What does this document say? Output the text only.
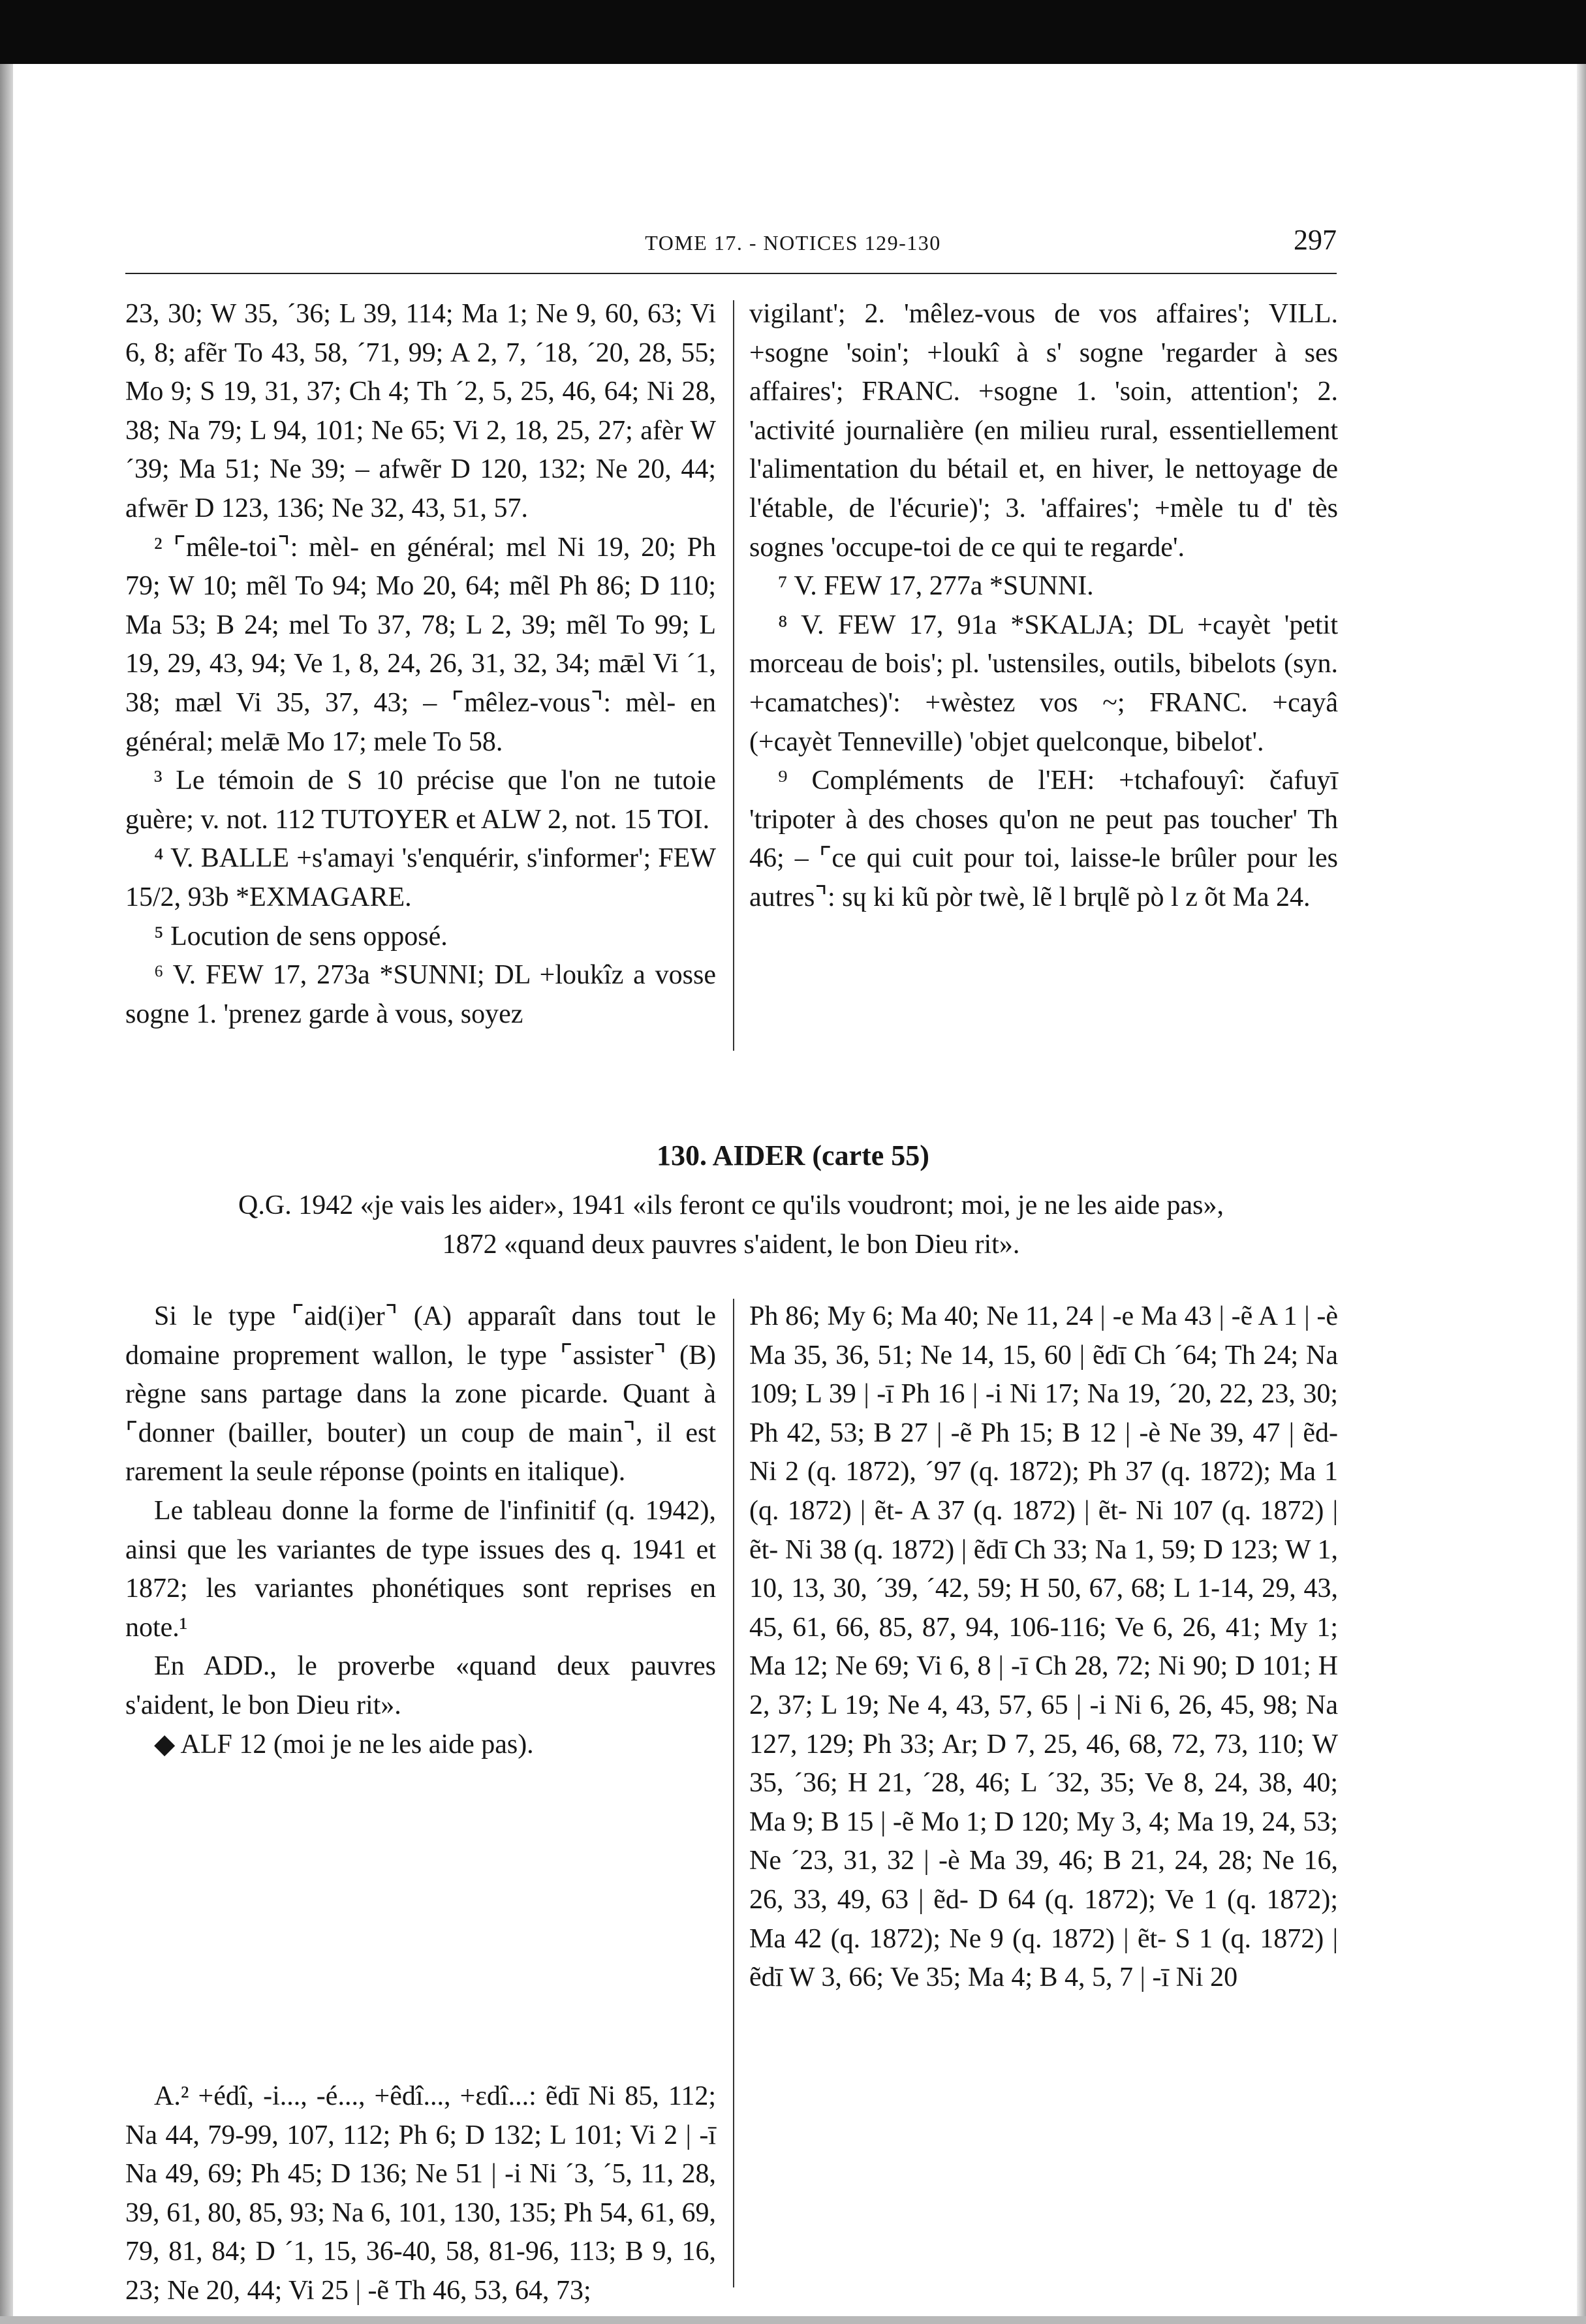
TOME 17. - NOTICES 129-130	297

23, 30; W 35, ´36; L 39, 114; Ma 1; Ne 9, 60, 63; Vi 6, 8; afẽr To 43, 58, ´71, 99; A 2, 7, ´18, ´20, 28, 55; Mo 9; S 19, 31, 37; Ch 4; Th ´2, 5, 25, 46, 64; Ni 28, 38; Na 79; L 94, 101; Ne 65; Vi 2, 18, 25, 27; afèr W ´39; Ma 51; Ne 39; – afwẽr D 120, 132; Ne 20, 44; afwēr D 123, 136; Ne 32, 43, 51, 57.

² ⌜mêle-toi⌝: mèl- en général; mɛl Ni 19, 20; Ph 79; W 10; mẽl To 94; Mo 20, 64; mẽl Ph 86; D 110; Ma 53; B 24; mel To 37, 78; L 2, 39; mẽl To 99; L 19, 29, 43, 94; Ve 1, 8, 24, 26, 31, 32, 34; mǣl Vi ´1, 38; mæl Vi 35, 37, 43; – ⌜mêlez-vous⌝: mèl- en général; melǣ Mo 17; mele To 58.

³ Le témoin de S 10 précise que l'on ne tutoie guère; v. not. 112 TUTOYER et ALW 2, not. 15 TOI.

⁴ V. BALLE +s'amayi 's'enquérir, s'informer'; FEW 15/2, 93b *EXMAGARE.

⁵ Locution de sens opposé.

⁶ V. FEW 17, 273a *SUNNI; DL +loukîz a vosse sogne 1. 'prenez garde à vous, soyez

vigilant'; 2. 'mêlez-vous de vos affaires'; VILL. +sogne 'soin'; +loukî à s' sogne 'regarder à ses affaires'; FRANC. +sogne 1. 'soin, attention'; 2. 'activité journalière (en milieu rural, essentiellement l'alimentation du bétail et, en hiver, le nettoyage de l'étable, de l'écurie)'; 3. 'affaires'; +mèle tu d' tès sognes 'occupe-toi de ce qui te regarde'.

⁷ V. FEW 17, 277a *SUNNI.

⁸ V. FEW 17, 91a *SKALJA; DL +cayèt 'petit morceau de bois'; pl. 'ustensiles, outils, bibelots (syn. +camatches)': +wèstez vos ~; FRANC. +cayâ (+cayèt Tenneville) 'objet quelconque, bibelot'.

⁹ Compléments de l'EH: +tchafouyî: čafuyī 'tripoter à des choses qu'on ne peut pas toucher' Th 46; – ⌜ce qui cuit pour toi, laisse-le brûler pour les autres⌝: sɥ ki kũ pòr twè, lẽ l brɥlẽ pò l z õt Ma 24.

130. AIDER (carte 55)
Q.G. 1942 «je vais les aider», 1941 «ils feront ce qu'ils voudront; moi, je ne les aide pas»,
1872 «quand deux pauvres s'aident, le bon Dieu rit».

Si le type ⌜aid(i)er⌝ (A) apparaît dans tout le domaine proprement wallon, le type ⌜assister⌝ (B) règne sans partage dans la zone picarde. Quant à ⌜donner (bailler, bouter) un coup de main⌝, il est rarement la seule réponse (points en italique).

Le tableau donne la forme de l'infinitif (q. 1942), ainsi que les variantes de type issues des q. 1941 et 1872; les variantes phonétiques sont reprises en note.¹

En ADD., le proverbe «quand deux pauvres s'aident, le bon Dieu rit».

◆ ALF 12 (moi je ne les aide pas).

A.² +édî, -i..., -é..., +êdî..., +ɛdî...: ẽdī Ni 85, 112; Na 44, 79-99, 107, 112; Ph 6; D 132; L 101; Vi 2 | -ī Na 49, 69; Ph 45; D 136; Ne 51 | -i Ni ´3, ´5, 11, 28, 39, 61, 80, 85, 93; Na 6, 101, 130, 135; Ph 54, 61, 69, 79, 81, 84; D ´1, 15, 36-40, 58, 81-96, 113; B 9, 16, 23; Ne 20, 44; Vi 25 | -ẽ Th 46, 53, 64, 73;

Ph 86; My 6; Ma 40; Ne 11, 24 | -e Ma 43 | -ẽ A 1 | -è Ma 35, 36, 51; Ne 14, 15, 60 | ẽdī Ch ´64; Th 24; Na 109; L 39 | -ī Ph 16 | -i Ni 17; Na 19, ´20, 22, 23, 30; Ph 42, 53; B 27 | -ẽ Ph 15; B 12 | -è Ne 39, 47 | ẽd- Ni 2 (q. 1872), ´97 (q. 1872); Ph 37 (q. 1872); Ma 1 (q. 1872) | ẽt- A 37 (q. 1872) | ẽt- Ni 107 (q. 1872) | ẽt- Ni 38 (q. 1872) | ẽdī Ch 33; Na 1, 59; D 123; W 1, 10, 13, 30, ´39, ´42, 59; H 50, 67, 68; L 1-14, 29, 43, 45, 61, 66, 85, 87, 94, 106-116; Ve 6, 26, 41; My 1; Ma 12; Ne 69; Vi 6, 8 | -ī Ch 28, 72; Ni 90; D 101; H 2, 37; L 19; Ne 4, 43, 57, 65 | -i Ni 6, 26, 45, 98; Na 127, 129; Ph 33; Ar; D 7, 25, 46, 68, 72, 73, 110; W 35, ´36; H 21, ´28, 46; L ´32, 35; Ve 8, 24, 38, 40; Ma 9; B 15 | -ẽ Mo 1; D 120; My 3, 4; Ma 19, 24, 53; Ne ´23, 31, 32 | -è Ma 39, 46; B 21, 24, 28; Ne 16, 26, 33, 49, 63 | ẽd- D 64 (q. 1872); Ve 1 (q. 1872); Ma 42 (q. 1872); Ne 9 (q. 1872) | ẽt- S 1 (q. 1872) | ẽdī W 3, 66; Ve 35; Ma 4; B 4, 5, 7 | -ī Ni 20
